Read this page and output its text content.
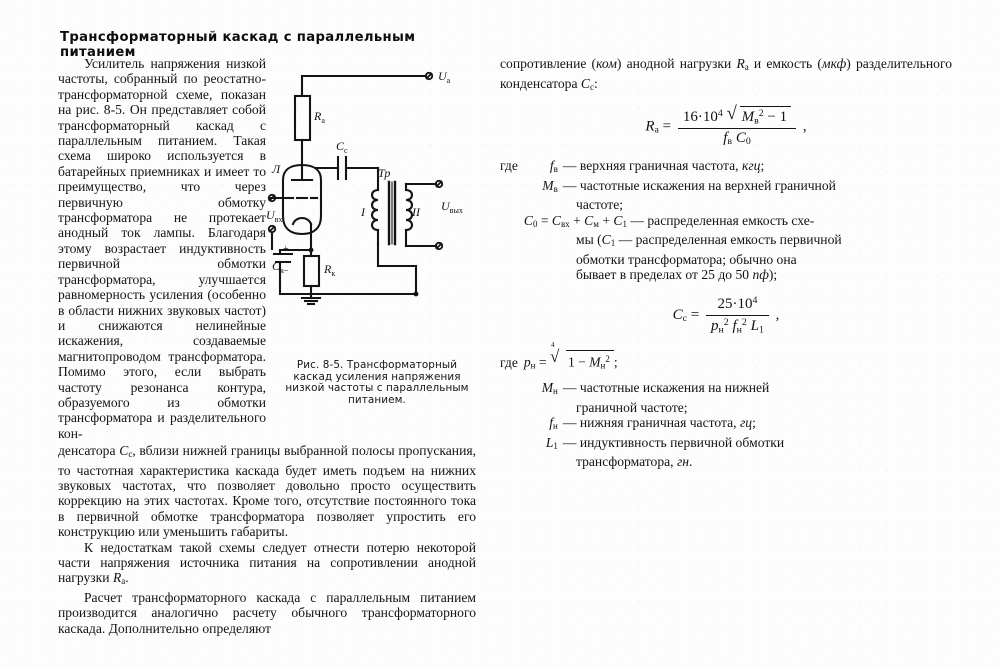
Трансформаторный каскад с параллельным питанием
$U_а$
$R_а$
$C_с$
Л
$U_{вх}$
$C_к$	$R_к$
Тр
I	II $U_{вых}$
+
−
Рис. 8-5. Трансформаторный каскад усиления напряжения низкой частоты с параллельным питанием.

Усилитель напряжения низкой частоты, собранный по реостатно-трансформаторной схеме, показан на рис. 8-5. Он представляет собой трансформаторный каскад с параллельным питанием. Такая схема широко используется в батарейных приемниках и имеет то преимущество, что через первичную обмотку трансформатора не протекает анодный ток лампы. Благодаря этому возрастает индуктивность первичной обмотки трансформатора, улучшается равномерность усиления (особенно в области нижних звуковых частот) и снижаются нелинейные искажения, создаваемые магнитопроводом трансформатора. Помимо этого, если выбрать частоту резонанса контура, образуемого из обмотки трансформатора и разделительного кон-

денсатора $C_с$, вблизи нижней границы выбранной полосы пропускания, то частотная характеристика каскада будет иметь подъем на нижних звуковых частотах, что позволяет довольно просто осуществить коррекцию на этих частотах. Кроме того, отсутствие постоянного тока в первичной обмотке трансформатора позволяет упростить его конструкцию или уменьшить габариты.

К недостаткам такой схемы следует отнести потерю некоторой части напряжения источника питания на сопротивлении анодной нагрузки $R_а$.

Расчет трансформаторного каскада с параллельным питанием производится аналогично расчету обычного трансформаторного каскада. Дополнительно определяют

сопротивление (ком) анодной нагрузки $R_а$ и емкость (мкф) разделительного конденсатора $C_с$:

$R_а = \frac{16\cdot 10^4 √ M_в^2 - 1}{f_в C_0}$ ,
где	$f_в$ — верхняя граничная частота, кгц;
$M_в$ — частотные искажения на верхней граничной

частоте;

$C_0 = C_{вх} + C_м + C_1$ — распределенная емкость схе-

мы ($C_1$ — распределенная емкость первичной

обмотки трансформатора; обычно она

бывает в пределах от 25 до 50 пф);

$C_с = \frac{25\cdot 10^4}{p_н^2 f_н^2 L_1}$ ,
где $p_н$ =
4
√ $1 - M_н^2$ ;
$M_н$ — частотные искажения на нижней

граничной частоте;

$f_н$ — нижняя граничная частота, гц;
$L_1$ — индуктивность первичной обмотки

трансформатора, гн.
